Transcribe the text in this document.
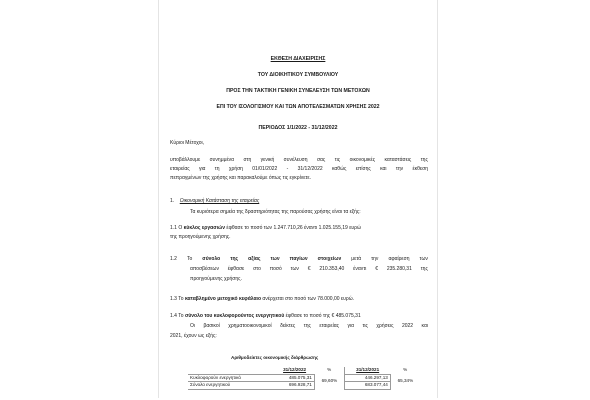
ΕΚΘΕΣΗ ΔΙΑΧΕΙΡΙΣΗΣ
ΤΟΥ ΔΙΟΙΚΗΤΙΚΟΥ ΣΥΜΒΟΥΛΙΟΥ
ΠΡΟΣ ΤΗΝ ΤΑΚΤΙΚΗ ΓΕΝΙΚΗ ΣΥΝΕΛΕΥΣΗ ΤΩΝ ΜΕΤΟΧΩΝ
ΕΠΙ ΤΟΥ ΙΣΟΛΟΓΙΣΜΟΥ ΚΑΙ ΤΩΝ ΑΠΟΤΕΛΕΣΜΑΤΩΝ ΧΡΗΣΗΣ 2022
ΠΕΡΙΟΔΟΣ 1/1/2022 - 31/12/2022
Κύριοι Μέτοχοι,
υποβάλλουμε συνημμένα στη γενική συνέλευση σας τις οικονομικές καταστάσεις της
εταιρείας για τη χρήση 01/01/2022 - 31/12/2022 καθώς επίσης και την έκθεση
πεπραγμένων της χρήσης και παρακαλούμε όπως τις εγκρίνετε.
1. Οικονομική Κατάσταση της εταιρείας
Τα κυριότερα σημεία της δραστηριότητας της παρούσας χρήσης είναι τα εξής:
1.1 Ο κύκλος εργασιών έφθασε το ποσό των 1.247.710,26 έναντι 1.025.155,19 ευρώ
της προηγούμενης χρήσης.
1.2 Το σύνολο της αξίας των παγίων στοιχείων μετά την αφαίρεση των
αποσβέσεων έφθασε στο ποσό των € 210.353,40 έναντι € 235.280,31 της
προηγούμενης χρήσης.
1.3 Το καταβλημένο μετοχικό κεφάλαιο ανέρχεται στο ποσό των 78.000,00 ευρώ.
1.4 Το σύνολο του κυκλοφορούντος ενεργητικού έφθασε το ποσό της € 485.075,31
Οι βασικοί χρηματοοικονομικοί δείκτες της εταιρείας για τις χρήσεις 2022 και
2021, έχουν ως εξής:
Αριθμοδείκτες οικονομικής διάρθρωσης
	31/12/2022	%	31/12/2021	%
Κυκλοφορούν ενεργητικό	485.075,31	69,60%	446.297,13	65,34%
Σύνολο ενεργητικού	696.928,71		683.077,44	
